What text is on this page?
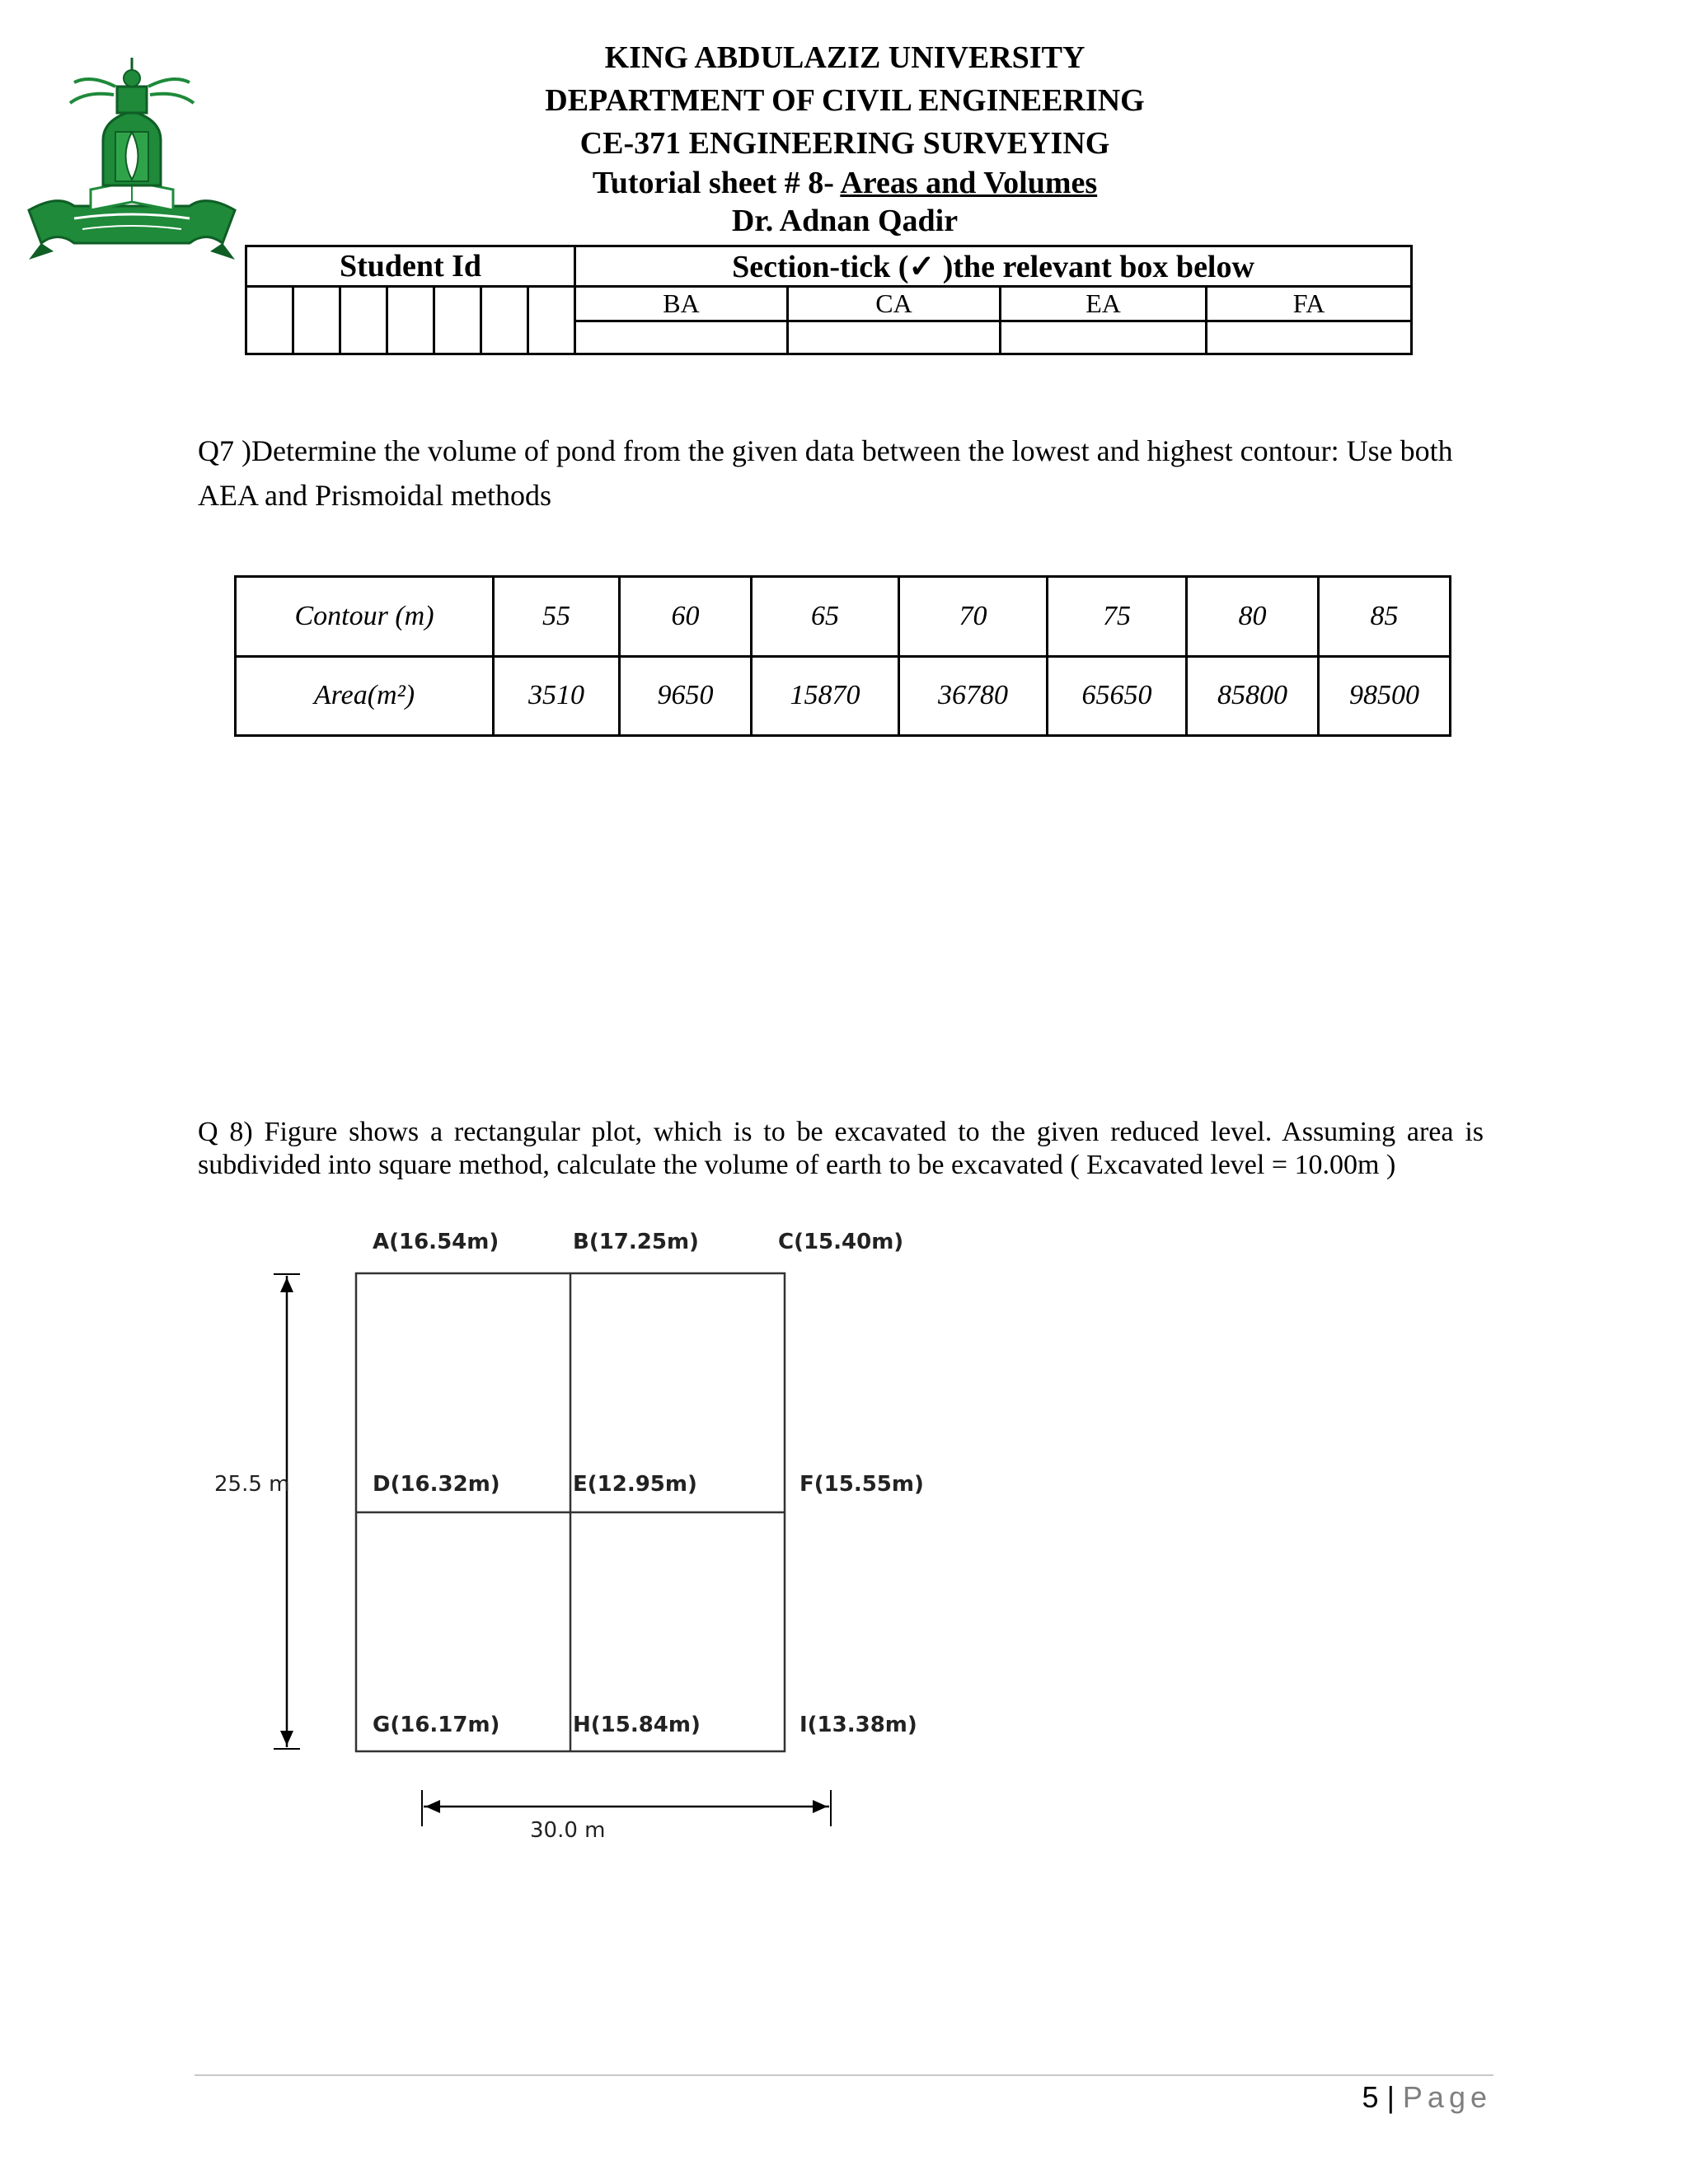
KING ABDULAZIZ UNIVERSITY
DEPARTMENT OF CIVIL ENGINEERING
CE-371 ENGINEERING SURVEYING
Tutorial sheet # 8- Areas and Volumes
Dr. Adnan Qadir
Student Id							Section-tick (✓ )the relevant box below			
							BA	CA	EA	FA

Q7 )Determine the volume of pond from the given data between the lowest and highest contour: Use both
AEA and Prismoidal methods
Contour (m)	55	60	65	70	75	80	85
Area(m²)	3510	9650	15870	36780	65650	85800	98500
Q 8) Figure shows a rectangular plot, which is to be excavated to the given reduced level. Assuming area is subdivided into square method, calculate the volume of earth to be excavated ( Excavated level = 10.00m )
A(16.54m)	B(17.25m)	C(15.40m)
25.5 m	D(16.32m)	E(12.95m)	F(15.55m)
G(16.17m)	H(15.84m)	I(13.38m)
30.0 m
5 | Page
